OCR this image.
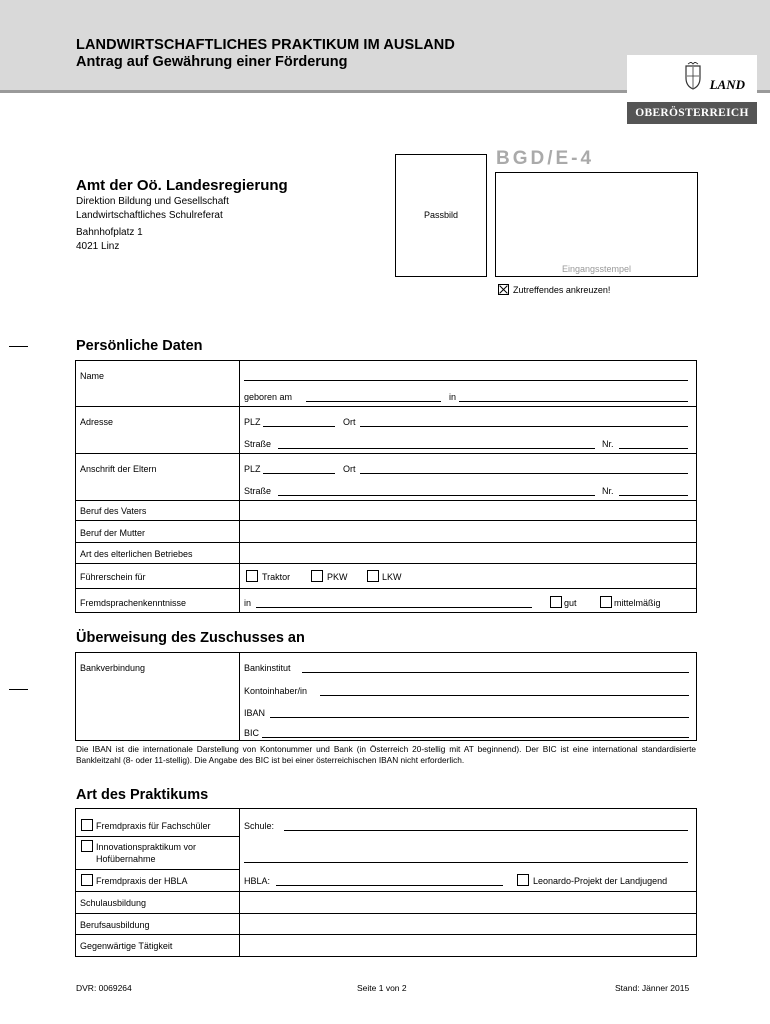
LANDWIRTSCHAFTLICHES PRAKTIKUM IM AUSLAND
Antrag auf Gewährung einer Förderung
LAND
OBERÖSTERREICH
Amt der Oö. Landesregierung
Direktion Bildung und Gesellschaft
Landwirtschaftliches Schulreferat
Bahnhofplatz 1
4021 Linz
Passbild
BGD/E-4
Eingangsstempel
Zutreffendes ankreuzen!
Persönliche Daten
Name
geboren am	in
Adresse	PLZ	Ort
Straße	Nr.
Anschrift der Eltern	PLZ	Ort
Straße	Nr.
Beruf des Vaters
Beruf der Mutter
Art des elterlichen Betriebes
Führerschein für	Traktor	PKW	LKW
Fremdsprachenkenntnisse	in	gut	mittelmäßig
Überweisung des Zuschusses an
Bankverbindung	Bankinstitut
Kontoinhaber/in
IBAN
BIC
Die IBAN ist die internationale Darstellung von Kontonummer und Bank (in Österreich 20-stellig mit AT beginnend). Der BIC ist eine international standardisierte Bankleitzahl (8- oder 11-stellig). Die Angabe des BIC ist bei einer österreichischen IBAN nicht erforderlich.
Art des Praktikums
Fremdpraxis für Fachschüler	Schule:
Innovationspraktikum vor
Hofübernahme
Fremdpraxis der HBLA	HBLA:	Leonardo-Projekt der Landjugend
Schulausbildung
Berufsausbildung
Gegenwärtige Tätigkeit
DVR: 0069264	Seite 1 von 2	Stand: Jänner 2015
